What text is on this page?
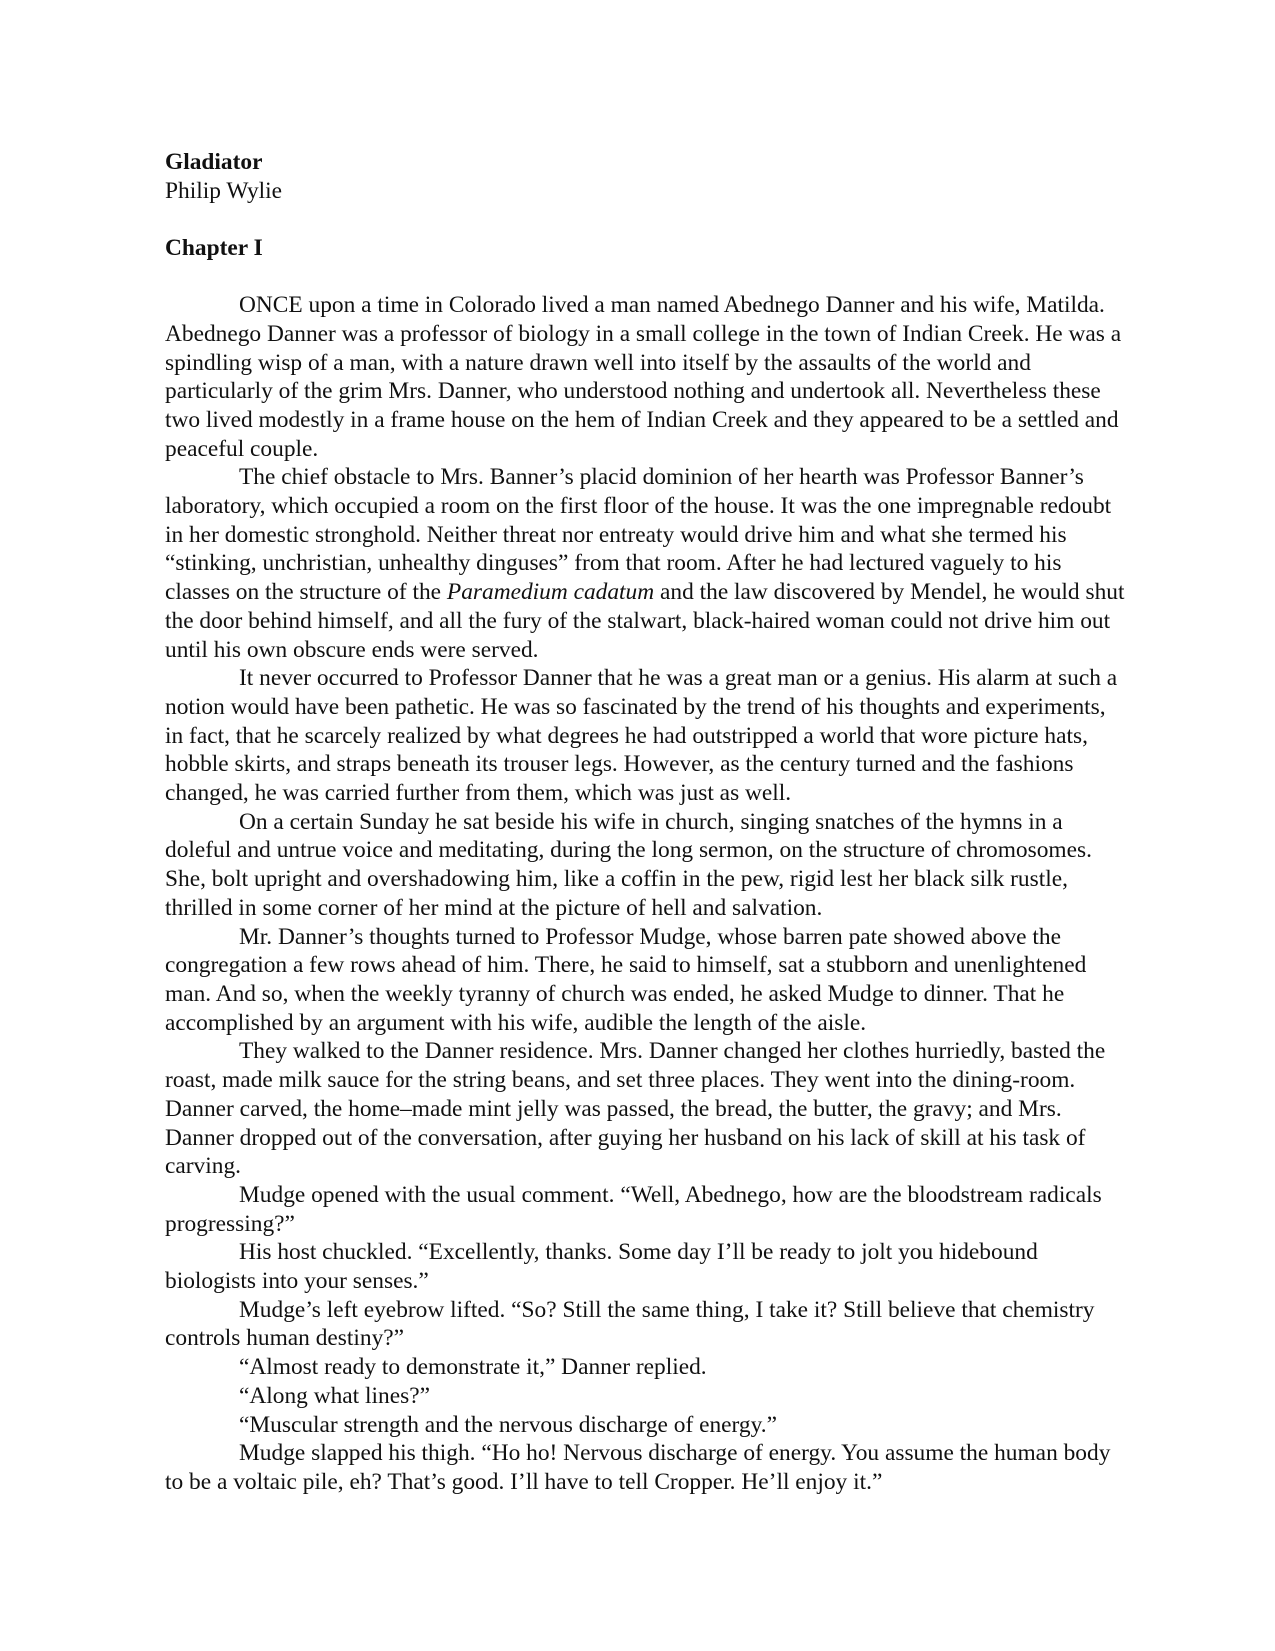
Gladiator

Philip Wylie

Chapter I

ONCE upon a time in Colorado lived a man named Abednego Danner and his wife, Matilda. Abednego Danner was a professor of biology in a small college in the town of Indian Creek. He was a spindling wisp of a man, with a nature drawn well into itself by the assaults of the world and particularly of the grim Mrs. Danner, who understood nothing and undertook all. Nevertheless these two lived modestly in a frame house on the hem of Indian Creek and they appeared to be a settled and peaceful couple.

The chief obstacle to Mrs. Banner’s placid dominion of her hearth was Professor Banner’s laboratory, which occupied a room on the first floor of the house. It was the one impregnable redoubt in her domestic stronghold. Neither threat nor entreaty would drive him and what she termed his “stinking, unchristian, unhealthy dinguses” from that room. After he had lectured vaguely to his classes on the structure of the Paramedium cadatum and the law discovered by Mendel, he would shut the door behind himself, and all the fury of the stalwart, black-haired woman could not drive him out until his own obscure ends were served.

It never occurred to Professor Danner that he was a great man or a genius. His alarm at such a notion would have been pathetic. He was so fascinated by the trend of his thoughts and experiments, in fact, that he scarcely realized by what degrees he had outstripped a world that wore picture hats, hobble skirts, and straps beneath its trouser legs. However, as the century turned and the fashions changed, he was carried further from them, which was just as well.

On a certain Sunday he sat beside his wife in church, singing snatches of the hymns in a doleful and untrue voice and meditating, during the long sermon, on the structure of chromosomes. She, bolt upright and overshadowing him, like a coffin in the pew, rigid lest her black silk rustle, thrilled in some corner of her mind at the picture of hell and salvation.

Mr. Danner’s thoughts turned to Professor Mudge, whose barren pate showed above the congregation a few rows ahead of him. There, he said to himself, sat a stubborn and unenlightened man. And so, when the weekly tyranny of church was ended, he asked Mudge to dinner. That he accomplished by an argument with his wife, audible the length of the aisle.

They walked to the Danner residence. Mrs. Danner changed her clothes hurriedly, basted the roast, made milk sauce for the string beans, and set three places. They went into the dining-room. Danner carved, the home‒made mint jelly was passed, the bread, the butter, the gravy; and Mrs. Danner dropped out of the conversation, after guying her husband on his lack of skill at his task of carving.

Mudge opened with the usual comment. “Well, Abednego, how are the bloodstream radicals progressing?”

His host chuckled. “Excellently, thanks. Some day I’ll be ready to jolt you hidebound biologists into your senses.”

Mudge’s left eyebrow lifted. “So? Still the same thing, I take it? Still believe that chemistry controls human destiny?”

“Almost ready to demonstrate it,” Danner replied.

“Along what lines?”

“Muscular strength and the nervous discharge of energy.”

Mudge slapped his thigh. “Ho ho! Nervous discharge of energy. You assume the human body to be a voltaic pile, eh? That’s good. I’ll have to tell Cropper. He’ll enjoy it.”
